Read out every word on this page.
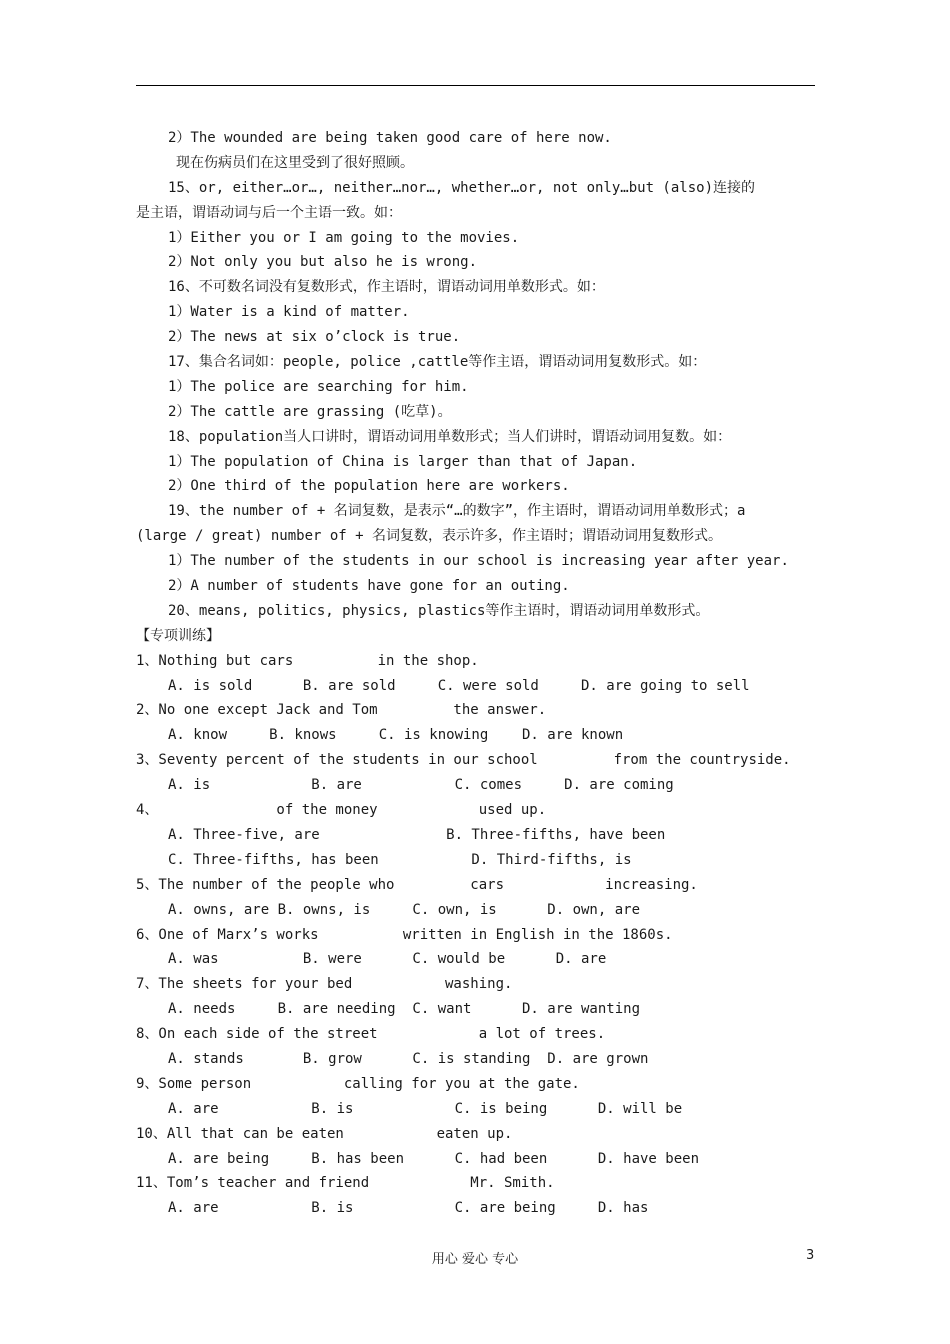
2）The wounded are being taken good care of here now.
现在伤病员们在这里受到了很好照顾。
15、or, either…or…, neither…nor…, whether…or, not only…but (also)连接的
是主语，谓语动词与后一个主语一致。如：
1）Either you or I am going to the movies.
2）Not only you but also he is wrong.
16、不可数名词没有复数形式，作主语时，谓语动词用单数形式。如：
1）Water is a kind of matter.
2）The news at six o’clock is true.
17、集合名词如：people, police ,cattle等作主语，谓语动词用复数形式。如：
1）The police are searching for him.
2）The cattle are grassing (吃草)。
18、population当人口讲时，谓语动词用单数形式；当人们讲时，谓语动词用复数。如：
1）The population of China is larger than that of Japan.
2）One third of the population here are workers.
19、the number of + 名词复数，是表示“…的数字”，作主语时，谓语动词用单数形式；a
(large / great) number of + 名词复数，表示许多，作主语时；谓语动词用复数形式。
1）The number of the students in our school is increasing year after year.
2）A number of students have gone for an outing.
20、means, politics, physics, plastics等作主语时，谓语动词用单数形式。
【专项训练】
1、Nothing but cars          in the shop.
A. is sold      B. are sold     C. were sold     D. are going to sell
2、No one except Jack and Tom         the answer.
A. know     B. knows     C. is knowing    D. are known
3、Seventy percent of the students in our school         from the countryside.
A. is            B. are           C. comes     D. are coming
4、              of the money            used up.
A. Three-five, are               B. Three-fifths, have been
C. Three-fifths, has been           D. Third-fifths, is
5、The number of the people who         cars            increasing.
A. owns, are B. owns, is     C. own, is      D. own, are
6、One of Marx’s works          written in English in the 1860s.
A. was          B. were      C. would be      D. are
7、The sheets for your bed           washing.
A. needs     B. are needing  C. want      D. are wanting
8、On each side of the street            a lot of trees.
A. stands       B. grow      C. is standing  D. are grown
9、Some person           calling for you at the gate.
A. are           B. is            C. is being      D. will be
10、All that can be eaten           eaten up.
A. are being     B. has been      C. had been      D. have been
11、Tom’s teacher and friend            Mr. Smith.
A. are           B. is            C. are being     D. has
用心 爱心 专心	3
